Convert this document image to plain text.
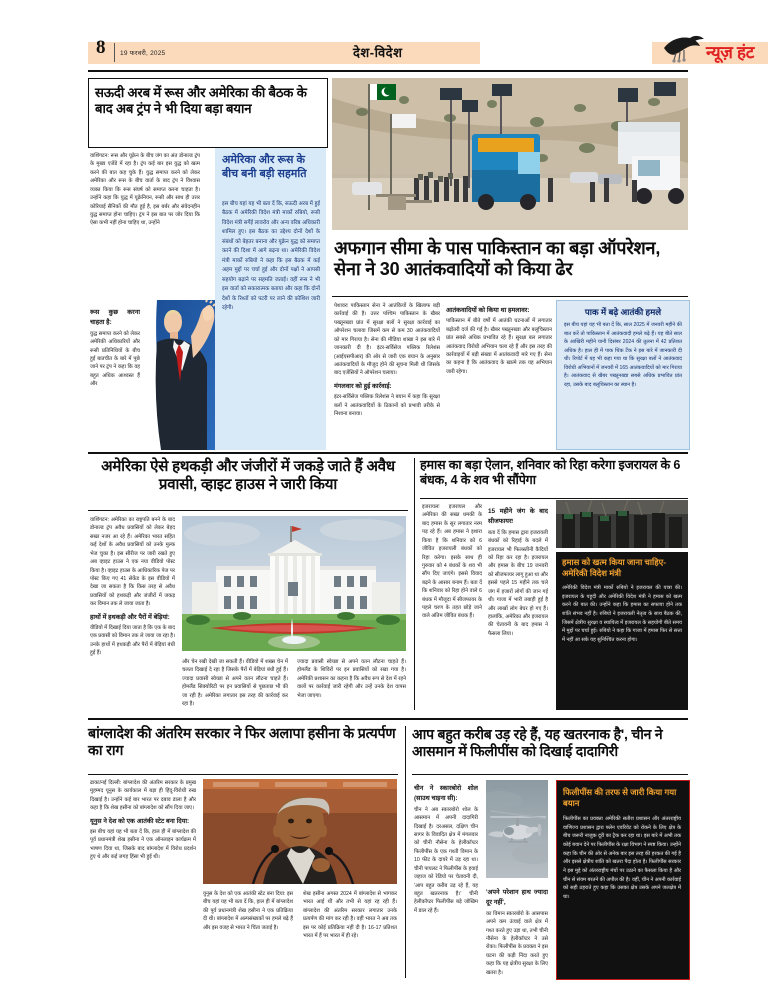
8 19 फरवरी, 2025	देश-विदेश	न्यूज़ हंट
सऊदी अरब में रूस और अमेरिका की बैठक के बाद अब ट्रंप ने भी दिया बड़ा बयान
वाशिंगटन: रूस और यूक्रेन के बीच जंग का अंत डोनाल्ड ट्रंप के मुख्य एजेंडे में रहा है। ट्रंप कई बार इस युद्ध को खत्म करने की बात कह चुके हैं। युद्ध समाप्त करने को लेकर अमेरिका और रूस के बीच वार्ता के बाद ट्रंप ने विश्वास व्यक्त किया कि रूस संघर्ष को समाप्त करना चाहता है। उन्होंने कहा कि युद्ध में यूक्रेनियन, रूसी और साथ ही उत्तर कोरियाई सैनिकों की मौत हुई है, इस बर्बर और संवेदनहीन युद्ध समाप्त होना चाहिए। ट्रंप ने इस बात पर जोर दिया कि ऐसा कभी नहीं होना चाहिए था, उन्होंने
रूस कुछ करना चाहता है:
युद्ध समाप्त करने को लेकर अमेरिकी अधिकारियों और रूसी प्रतिनिधियों के बीच हुई बातचीत के बारे में पूछे जाने पर ट्रंप ने कहा कि वह बहुत अधिक आश्वस्त हैं और
अमेरिका और रूस के बीच बनी बड़ी सहमति
इस बीच यहां यह भी बता दें कि, सऊदी अरब में हुई बैठक में अमेरिकी विदेश मंत्री मार्को रुबियो, रूसी विदेश मंत्री सर्गेई लावरोव और अन्य वरिष्ठ अधिकारी शामिल हुए। इस बैठक का उद्देश्य दोनों देशों के संबंधों को बेहतर बनाना और यूक्रेन युद्ध को समाप्त करने की दिशा में आगे बढ़ना था। अमेरिकी विदेश मंत्री मार्को रुबियो ने कहा कि इस बैठक में कई अहम मुद्दों पर चर्चा हुई और दोनों पक्षों ने आपसी सहयोग बढ़ाने पर सहमति जताई। वहीं रूस ने भी इस वार्ता को सकारात्मक बताया और कहा कि दोनों देशों के रिश्तों को पटरी पर लाने की कोशिश जारी रहेगी।
अफगान सीमा के पास पाकिस्तान का बड़ा ऑपरेशन, सेना ने 30 आतंकवादियों को किया ढेर
पेशावरः पाकिस्तान सेना ने आतंकियों के खिलाफ बड़ी कार्रवाई की है। उत्तर पश्चिम पाकिस्तान के खैबर पख्तूनख्वा प्रांत में सुरक्षा बलों ने सुरक्षा कार्रवाई का ऑपरेशन चलाया जिसमें कम से कम 30 आतंकवादियों को मार गिराया है। सेना की मीडिया शाखा ने इस बारे में जानकारी दी है। इंटर-सर्विसेज पब्लिक रिलेशंस (आईएसपीआर) की ओर से जारी एक बयान के अनुसार आतंकवादियों के मौजूद होने की सूचना मिली थी जिसके बाद एजेंसियों ने ऑपरेशन चलाया।
मंगलवार को हुई कार्रवाई:
इंटर-सर्विसेज पब्लिक रिलेशंस ने बयान में कहा कि सुरक्षा बलों ने आतंकवादियों के ठिकानों को प्रभावी तरीके से निशाना बनाया।
आतंकवादियों को किया था हमलावर:
पाकिस्तान में बीते वर्षों में आतंकी घटनाओं में लगातार बढ़ोतरी दर्ज की गई है। खैबर पख्तूनख्वा और बलूचिस्तान प्रांत सबसे अधिक प्रभावित रहे हैं। सुरक्षा बल लगातार आतंकवाद विरोधी अभियान चला रहे हैं और इस तरह की कार्रवाइयों में बड़ी संख्या में आतंकवादी मारे गए हैं। सेना का कहना है कि आतंकवाद के खात्मे तक यह अभियान जारी रहेगा।
पाक में बढ़े आतंकी हमले
इस बीच यहां यह भी बता दें कि, साल 2025 में जनवरी महीने की बात करें तो पाकिस्तान में आतंकवादी हमले बढ़े हैं। यह बीते साल के आखिरी महीने यानी दिसंबर 2024 की तुलना में 42 प्रतिशत अधिक है। हाल ही में पाक थिंक टैंक ने इस बारे में जानकारी दी थी। रिपोर्ट में यह भी कहा गया था कि सुरक्षा बलों ने आतंकवाद विरोधी अभियानों में जनवरी में 165 आतंकवादियों को मार गिराया है। आतंकवाद से खैबर पख्तूनख्वा सबसे अधिक प्रभावित प्रांत रहा, उसके बाद बलूचिस्तान का स्थान है।
अमेरिका ऐसे हथकड़ी और जंजीरों में जकड़े जाते हैं अवैध प्रवासी, व्हाइट हाउस ने जारी किया
वाशिंगटन: अमेरिका का राष्ट्रपति बनने के बाद डोनाल्ड ट्रंप अवैध प्रवासियों को लेकर बेहद सख्त नजर आ रहे हैं। अमेरिका भारत सहित कई देशों के अवैध प्रवासियों को उनके मुल्क भेज चुका है। इस सीरीज पर जारी रखते हुए अब व्हाइट हाउस ने एक नया वीडियो पोस्ट किया है। व्हाइट हाउस के आधिकारिक पेज पर पोस्ट किए गए 41 सेकेंड के इस वीडियो में देखा जा सकता है कि किस तरह से अवैध प्रवासियों को हथकड़ी और जंजीरों में जकड़ कर विमान तक ले जाया जाता है।
हाथों में हथकड़ी और पैरों में बेड़ियां:
वीडियो में दिखाई दिया जाता है कि एक के बाद एक प्रवासी को विमान तक ले जाया जा रहा है। उनके हाथों में हथकड़ी और पैरों में बेड़ियां बंधी हुई हैं।
और चेन रखी देखी जा सकती हैं। वीडियो में शख्स चेन में चलता दिखाई दे रहा है जिसके पैरों में बेड़ियां बंधी हुई हैं। ज्यादा प्रवासी स्वेच्छा से अपने वतन लौटना चाहते हैं। होमलैंड सिक्योरिटी पर इन प्रवासियों से पूछताछ भी की जा रही है। अमेरिका लगातार इस तरह की कार्रवाई कर रहा है।
ज्यादा प्रवासी स्वेच्छा से अपने वतन लौटना चाहते हैं। होमलैंड के शिविरों पर इन प्रवासियों को रखा गया है। अमेरिकी प्रशासन का कहना है कि अवैध रूप से देश में रहने वालों पर कार्रवाई जारी रहेगी और उन्हें उनके देश वापस भेजा जाएगा।
हमास का बड़ा ऐलान, शनिवार को रिहा करेगा इजरायल के 6 बंधक, 4 के शव भी सौंपेगा
इजरायलः इजरायल और अमेरिका की सख्त धमकी के बाद हमास के सुर लगातार नरम पड़ रहे हैं। अब हमास ने इशारा किया है कि शनिवार को 6 जीवित इजरायली बंधकों को रिहा करेगा। इसके साथ ही गुरुवार को 4 बंधकों के शव भी सौंप दिए जाएंगे। इससे विवाद बढ़ने के आसार बनाम हैं। बता दें कि शनिवार को रिहा होने वाले 6 बंधक में मौजूदा में सीजफायर के पहले चरण के तहत छोड़े जाने वाले अंतिम जीवित बंधक हैं।
15 महीने जंग के बाद सीजफायरः
बता दें कि हमास द्वारा इजरायली बंधकों को रिहाई के बदले में इजरायल भी फिलस्तीनी कैदियों को रिहा कर रहा है। इजरायल और हमास के बीच 19 जनवरी को सीजफायर लागू हुआ था और इससे पहले 15 महीने तक चले जंग में हजारों लोगों की जान गई थी। गाजा में भारी तबाही हुई है और लाखों लोग बेघर हो गए हैं। हालांकि, अमेरिका और इजरायल की चेतावनी के बाद हमास ने फैसला लिया।
हमास को खत्म किया जाना चाहिए- अमेरिकी विदेश मंत्री
अमेरिकी विदेश मंत्री मार्को रुबियो ने इजरायल की यात्रा की। इजरायल के यहूदी और अमेरिकी विदेश मंत्री ने हमास को खत्म करने की बात की। उन्होंने कहा कि हमास का सफाया होने तक शांति संभव नहीं है। रुबियो ने इजरायली नेतृत्व के साथ बैठक की, जिसमें क्षेत्रीय सुरक्षा व स्थायित्व में इजरायल के सहयोगी बीते समय में मुद्दों पर चर्चा हुई। रुबियो ने कहा कि गाजा में हमास फिर से सत्ता में नहीं आ सके यह सुनिश्चित करना होगा।
बांग्लादेश की अंतरिम सरकार ने फिर अलापा हसीना के प्रत्यर्पण का राग
ढाका/नई दिल्ली: बांग्लादेश की अंतरिम सरकार के प्रमुख मुहम्मद यूनुस के कार्यकाल में बड़ा ही हिंदू-विरोधी रुख दिखाई है। उन्होंने कई बार भारत पर दबाव डाला है और कहा है कि शेख हसीना को बांग्लादेश को सौंप दिया जाए।
यूनुस ने देश को एक आतंकी स्टेट बना दिया:
इस बीच यहां यह भी बता दें कि, हाल ही में बांग्लादेश की पूर्व प्रधानमंत्री शेख हसीना ने एक ऑनलाइन कार्यक्रम में भाषण दिया था, जिसके बाद बांग्लादेश में विरोध प्रदर्शन हुए थे और कई जगह हिंसा भी हुई थी।
युनूस के देश को एक आतंकी स्टेट बना दिया: इस बीच यहां यह भी बता दें कि, हाल ही में बांग्लादेश की पूर्व प्रधानमंत्री शेख हसीना ने एक प्रतिक्रिया दी थी। बांग्लादेश में अल्पसंख्यकों पर हमले बढ़े हैं और इस वजह से भारत ने चिंता जताई है।
शेख हसीना अगस्त 2024 में बांग्लादेश से भागकर भारत आई थीं और तभी से यहां रह रही हैं। बांग्लादेश की अंतरिम सरकार लगातार उनके प्रत्यर्पण की मांग कर रही है। वहीं भारत ने अब तक इस पर कोई प्रतिक्रिया नहीं दी है। 16-17 प्रतिशत भारत में हैं पर भारत में ही रहे।
आप बहुत करीब उड़ रहे हैं, यह खतरनाक है', चीन ने आसमान में फिलीपींस को दिखाई दादागिरी
चीन ने स्कारबोरो शोल (साउथ चाइना सी):
चीन ने अब स्कारबोरो शोल के आसमान में अपनी दादागिरी दिखाई है। दरअसल, दक्षिण चीन सागर के विवादित क्षेत्र में मंगलवार को चीनी नौसेना के हेलीकॉप्टर फिलीपींस के एक गश्ती विमान के 10 फीट के दायरे में उड़ रहा था। चीनी पायलट ने फिलीपींस के हवाई जहाज को रेडियो पर चेतावनी दी, 'आप बहुत करीब उड़ रहे हैं, यह बहुत खतरनाक है।' चीनी हेलीकॉप्टर फिलीपींस बड़े जोखिम में डाल रहे हैं।
'अपने परेशान हाथ ज्यादा दूर नहीं',
का विमान स्कारबोरो के आसपास अपने कम ऊंचाई वाले क्षेत्र में गश्त करते हुए उड़ा था, तभी चीनी नौसेना के हेलीकॉप्टर ने उसे रोका। फिलीपींस के प्रवक्ता ने इस घटना की कड़ी निंदा करते हुए कहा कि यह क्षेत्रीय सुरक्षा के लिए खतरा है।
फिलीपींस की तरफ से जारी किया गया बयान
फिलीपींस का प्रवक्ता अमेरिकी सतीश प्रशासन और अंतरराष्ट्रीय वाणिज्य प्रशासन द्वारा फ्लेन एवरिवेट को रोकने के लिए क्षेत्र के बीच जरूरी नाजुक दूरी का ट्रैक कर रहा था। इस बारे में अभी तक कोई बयान देने पर फिलीपींस के रक्षा विभाग ने स्पष्ट किया। उन्होंने कहा कि चीन की ओर से अनेक बार इस तरह की हरकत की गई है और इससे क्षेत्रीय शांति को खतरा पैदा होता है। फिलीपींस सरकार ने इस मुद्दे को अंतरराष्ट्रीय मंचों पर उठाने का फैसला किया है और चीन से संयम बरतने की अपील की है। वहीं, चीन ने अपनी कार्रवाई को सही ठहराते हुए कहा कि उसका क्षेत्र उसके अपने जलक्षेत्र में था।
